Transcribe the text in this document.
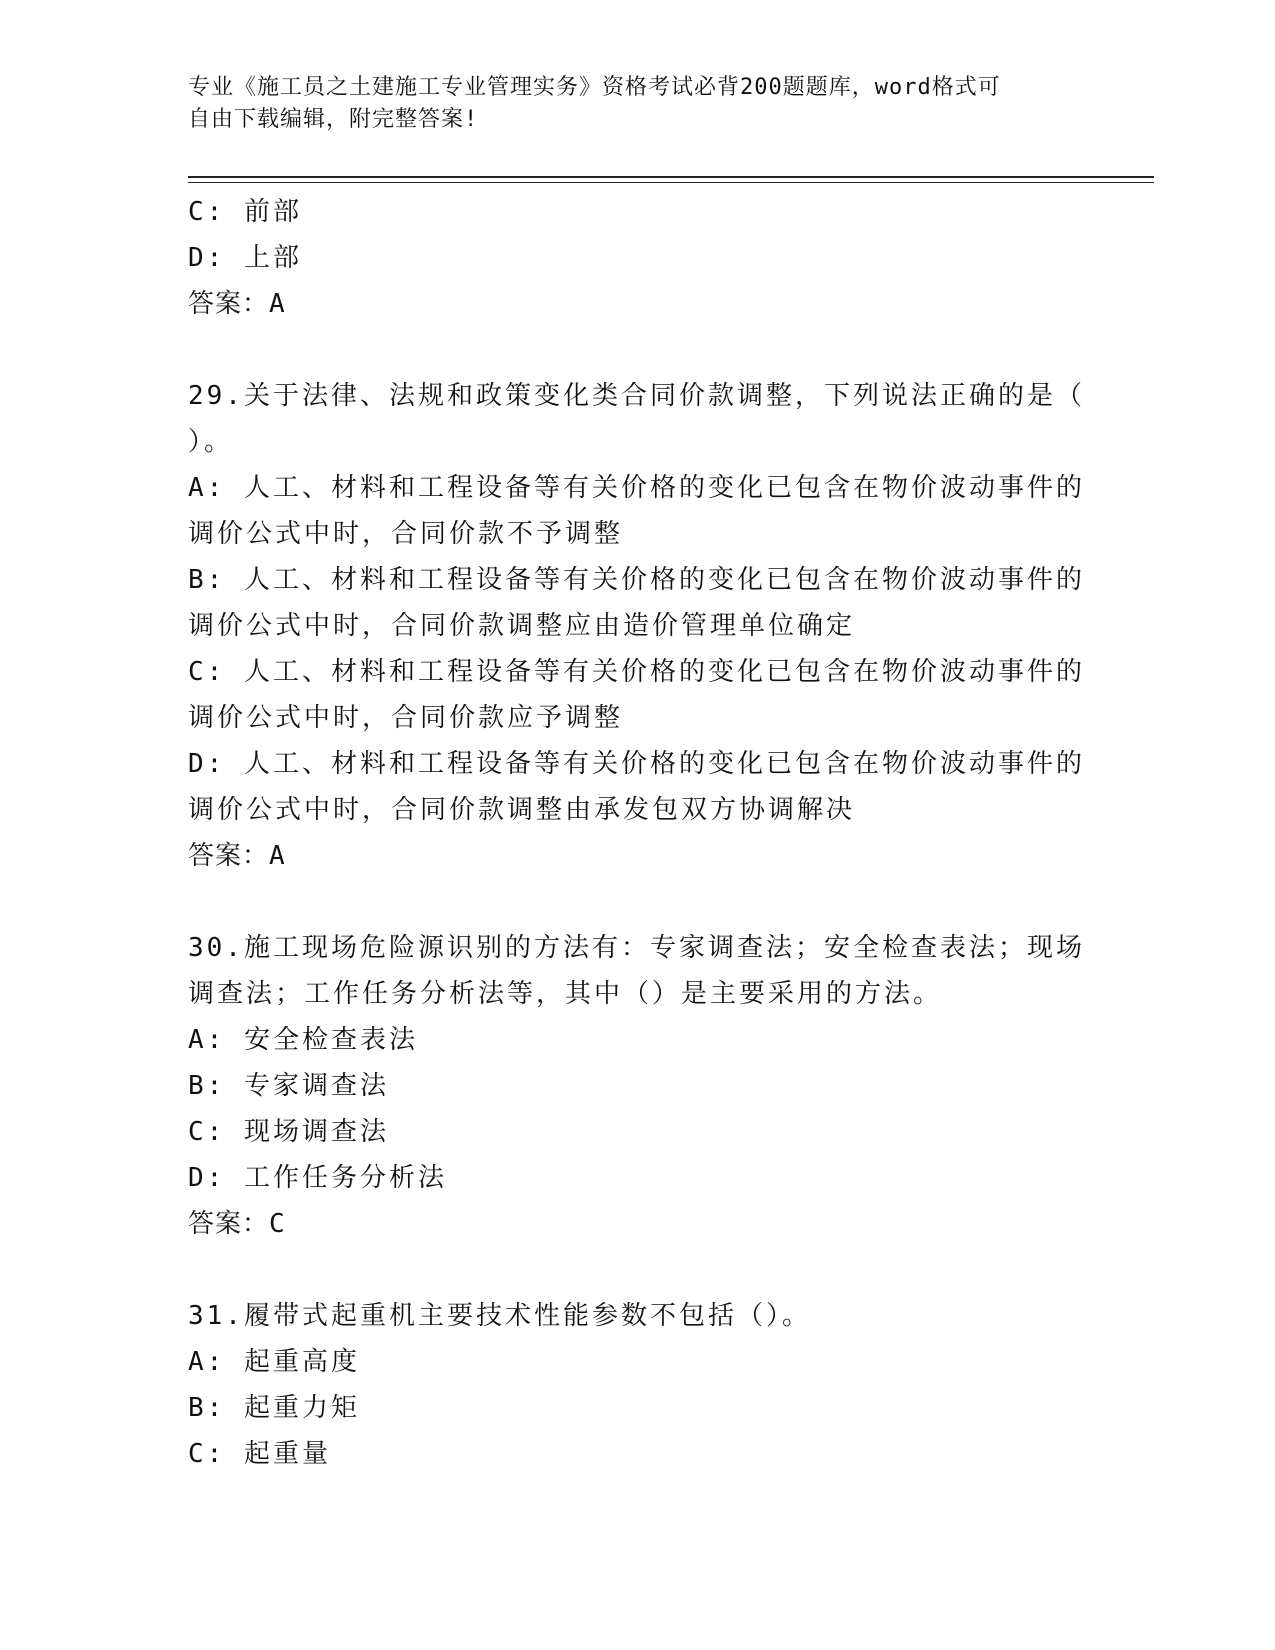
专业《施工员之土建施工专业管理实务》资格考试必背200题题库，word格式可
自由下载编辑，附完整答案!
C: 前部
D: 上部
答案：A
29.关于法律、法规和政策变化类合同价款调整，下列说法正确的是（
）。
A: 人工、材料和工程设备等有关价格的变化已包含在物价波动事件的
调价公式中时，合同价款不予调整
B: 人工、材料和工程设备等有关价格的变化已包含在物价波动事件的
调价公式中时，合同价款调整应由造价管理单位确定
C: 人工、材料和工程设备等有关价格的变化已包含在物价波动事件的
调价公式中时，合同价款应予调整
D: 人工、材料和工程设备等有关价格的变化已包含在物价波动事件的
调价公式中时，合同价款调整由承发包双方协调解决
答案：A
30.施工现场危险源识别的方法有：专家调查法；安全检查表法；现场
调查法；工作任务分析法等，其中（）是主要采用的方法。
A: 安全检查表法
B: 专家调查法
C: 现场调查法
D: 工作任务分析法
答案：C
31.履带式起重机主要技术性能参数不包括（）。
A: 起重高度
B: 起重力矩
C: 起重量
